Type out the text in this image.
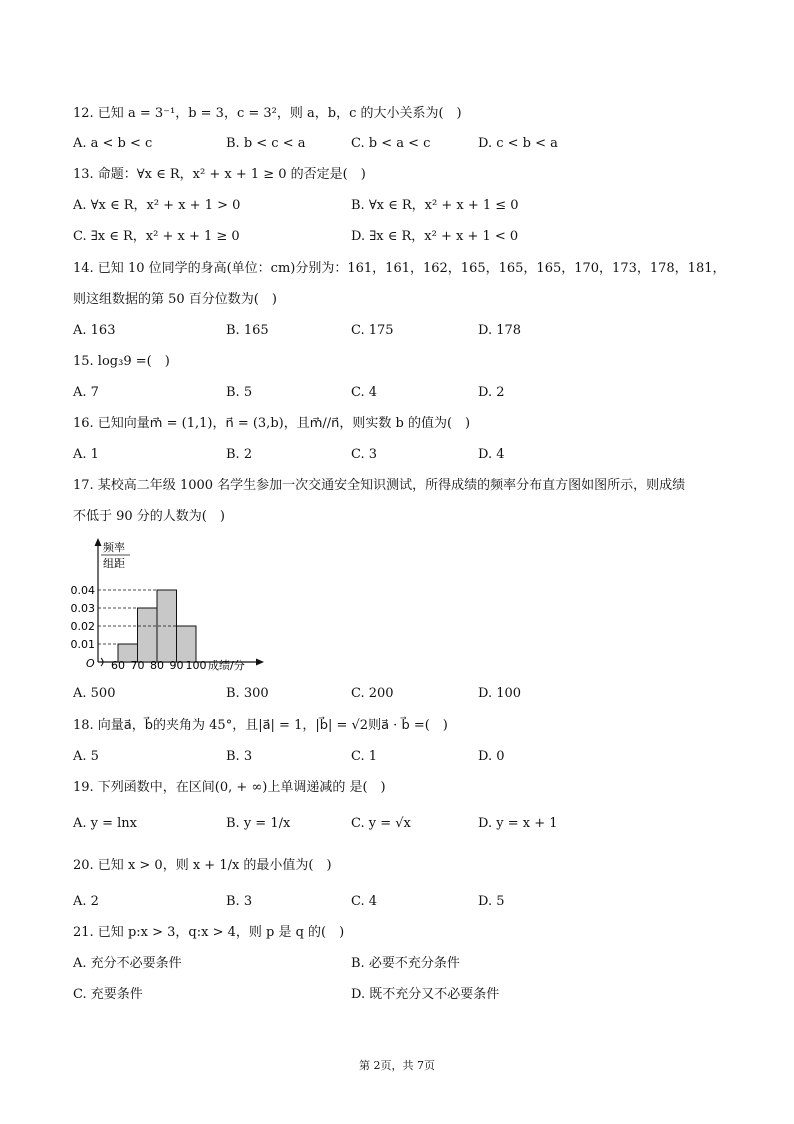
12. 已知 a = 3⁻¹，b = 3，c = 3²，则 a，b，c 的大小关系为(　)
A. a < b < c	B. b < c < a	C. b < a < c	D. c < b < a
13. 命题：∀x ∈ R，x² + x + 1 ≥ 0 的否定是(　)
A. ∀x ∈ R，x² + x + 1 > 0	B. ∀x ∈ R，x² + x + 1 ≤ 0
C. ∃x ∈ R，x² + x + 1 ≥ 0	D. ∃x ∈ R，x² + x + 1 < 0
14. 已知 10 位同学的身高(单位：cm)分别为：161，161，162，165，165，165，170，173，178，181，
则这组数据的第 50 百分位数为(　)
A. 163	B. 165	C. 175	D. 178
15. log₃9 =(　)
A. 7	B. 5	C. 4	D. 2
16. 已知向量m⃗ = (1,1)，n⃗ = (3,b)，且m⃗//n⃗，则实数 b 的值为(　)
A. 1	B. 2	C. 3	D. 4
17. 某校高二年级 1000 名学生参加一次交通安全知识测试，所得成绩的频率分布直方图如图所示，则成绩
不低于 90 分的人数为(　)
A. 500	B. 300	C. 200	D. 100
18. 向量a⃗，b⃗的夹角为 45°，且|a⃗| = 1，|b⃗| = √2则a⃗ · b⃗ =(　)
A. 5	B. 3	C. 1	D. 0
19. 下列函数中，在区间(0, + ∞)上单调递减的 是(　)
A. y = lnx	B. y = 1/x	C. y = √x	D. y = x + 1
20. 已知 x > 0，则 x + 1/x 的最小值为(　)
A. 2	B. 3	C. 4	D. 5
21. 已知 p:x > 3，q:x > 4，则 p 是 q 的(　)
A. 充分不必要条件	B. 必要不充分条件
C. 充要条件	D. 既不充分又不必要条件
频率
组距
0.04
0.03
0.02
0.01
O 60 70 80 90 100 成绩/分
第 2页，共 7页
